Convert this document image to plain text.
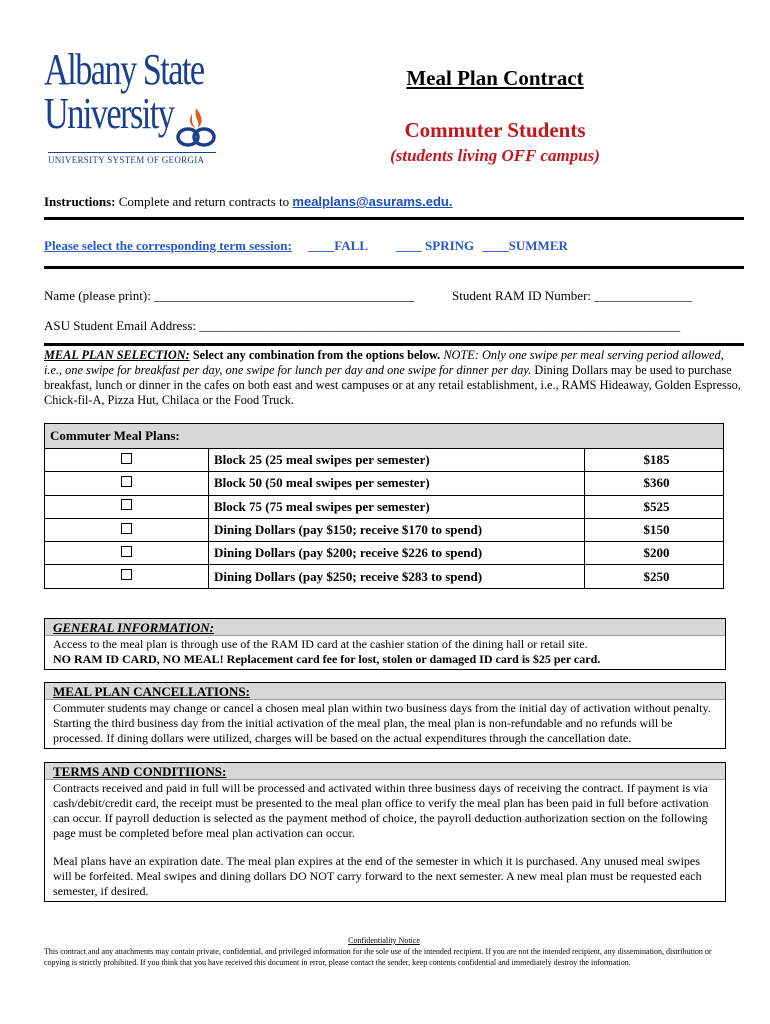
Albany State
University
UNIVERSITY SYSTEM OF GEORGIA
Meal Plan Contract
Commuter Students
(students living OFF campus)
Instructions: Complete and return contracts to mealplans@asurams.edu.
Please select the corresponding term session: ____FALL ____ SPRING ____SUMMER
Name (please print): ________________________________________	Student RAM ID Number: _______________
ASU Student Email Address: __________________________________________________________________________
MEAL PLAN SELECTION: Select any combination from the options below. NOTE: Only one swipe per meal serving period allowed, i.e., one swipe for breakfast per day, one swipe for lunch per day and one swipe for dinner per day. Dining Dollars may be used to purchase breakfast, lunch or dinner in the cafes on both east and west campuses or at any retail establishment, i.e., RAMS Hideaway, Golden Espresso, Chick-fil-A, Pizza Hut, Chilaca or the Food Truck.
Commuter Meal Plans:		
	Block 25 (25 meal swipes per semester)	$185
	Block 50 (50 meal swipes per semester)	$360
	Block 75 (75 meal swipes per semester)	$525
	Dining Dollars (pay $150; receive $170 to spend)	$150
	Dining Dollars (pay $200; receive $226 to spend)	$200
	Dining Dollars (pay $250; receive $283 to spend)	$250
GENERAL INFORMATION:
Access to the meal plan is through use of the RAM ID card at the cashier station of the dining hall or retail site.
NO RAM ID CARD, NO MEAL! Replacement card fee for lost, stolen or damaged ID card is $25 per card.
MEAL PLAN CANCELLATIONS:
Commuter students may change or cancel a chosen meal plan within two business days from the initial day of activation without penalty. Starting the third business day from the initial activation of the meal plan, the meal plan is non-refundable and no refunds will be processed. If dining dollars were utilized, charges will be based on the actual expenditures through the cancellation date.
TERMS AND CONDITIIONS:
Contracts received and paid in full will be processed and activated within three business days of receiving the contract. If payment is via cash/debit/credit card, the receipt must be presented to the meal plan office to verify the meal plan has been paid in full before activation can occur. If payroll deduction is selected as the payment method of choice, the payroll deduction authorization section on the following page must be completed before meal plan activation can occur.
Meal plans have an expiration date. The meal plan expires at the end of the semester in which it is purchased. Any unused meal swipes will be forfeited. Meal swipes and dining dollars DO NOT carry forward to the next semester. A new meal plan must be requested each semester, if desired.
Confidentiality Notice
This contract and any attachments may contain private, confidential, and privileged information for the sole use of the intended recipient. If you are not the intended recipient, any dissemination, distribution or copying is strictly prohibited. If you think that you have received this document in error, please contact the sender, keep contents confidential and immediately destroy the information.
